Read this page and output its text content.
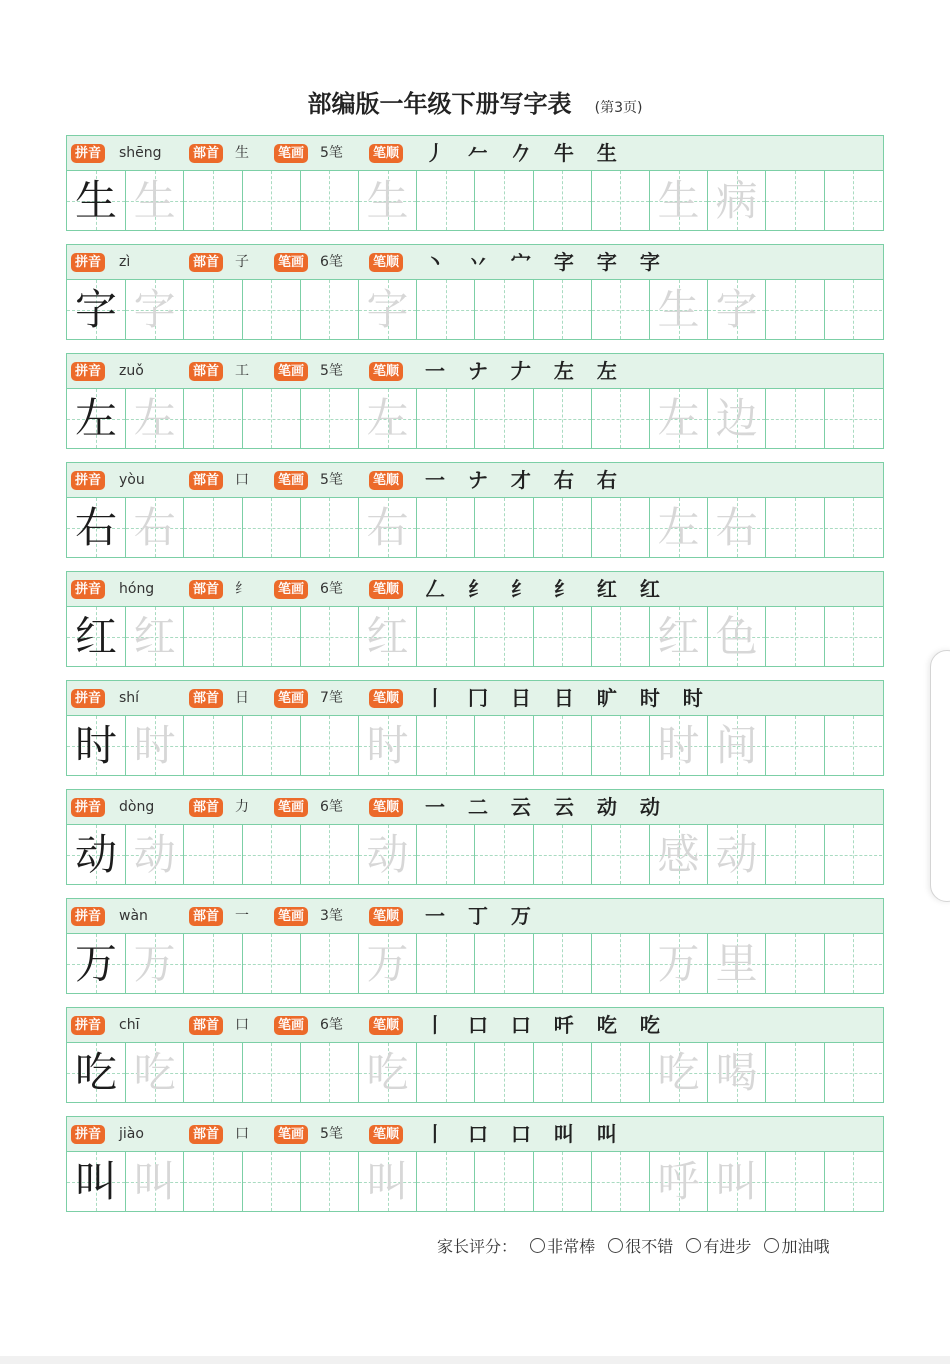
部编版一年级下册写字表 (第3页)
拼音 shēng	部首 生	笔画 5笔	笔顺 丿 𠂉 𠂊 牛 生
生 生	生	生 病
拼音 zì	部首 子	笔画 6笔	笔顺 丶 丷 宀 字 字 字
字 字	字	生 字
拼音 zuǒ	部首 工	笔画 5笔	笔顺 一 ナ 𠂇 左 左
左 左	左	左 边
拼音 yòu	部首 口	笔画 5笔	笔顺 一 ナ 才 右 右
右 右	右	左 右
拼音 hóng	部首 纟	笔画 6笔	笔顺 𠃋 纟 纟 纟 红 红
红 红	红	红 色
拼音 shí	部首 日	笔画 7笔	笔顺 丨 冂 日 日 旷 时 时
时 时	时	时 间
拼音 dòng	部首 力	笔画 6笔	笔顺 一 二 云 云 动 动
动 动	动	感 动
拼音 wàn	部首 一	笔画 3笔	笔顺 一 丁 万
万 万	万	万 里
拼音 chī	部首 口	笔画 6笔	笔顺 丨 口 口 吀 吃 吃
吃 吃	吃	吃 喝
拼音 jiào	部首 口	笔画 5笔	笔顺 丨 口 口 叫 叫
叫 叫	叫	呼 叫
家长评分： 非常棒 很不错 有进步 加油哦
